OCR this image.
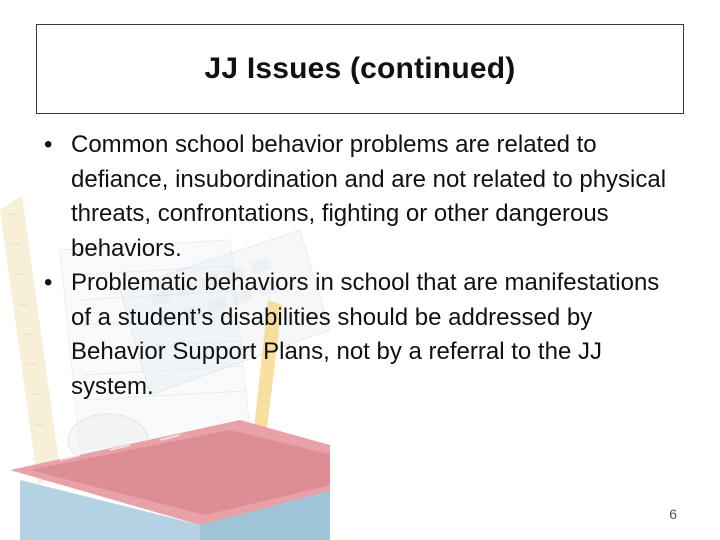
JJ Issues (continued)
• Common school behavior problems are related to defiance, insubordination and are not related to physical threats, confrontations, fighting or other dangerous behaviors.
• Problematic behaviors in school that are manifestations of a student’s disabilities should be addressed by Behavior Support Plans, not by a referral to the JJ system.
6
